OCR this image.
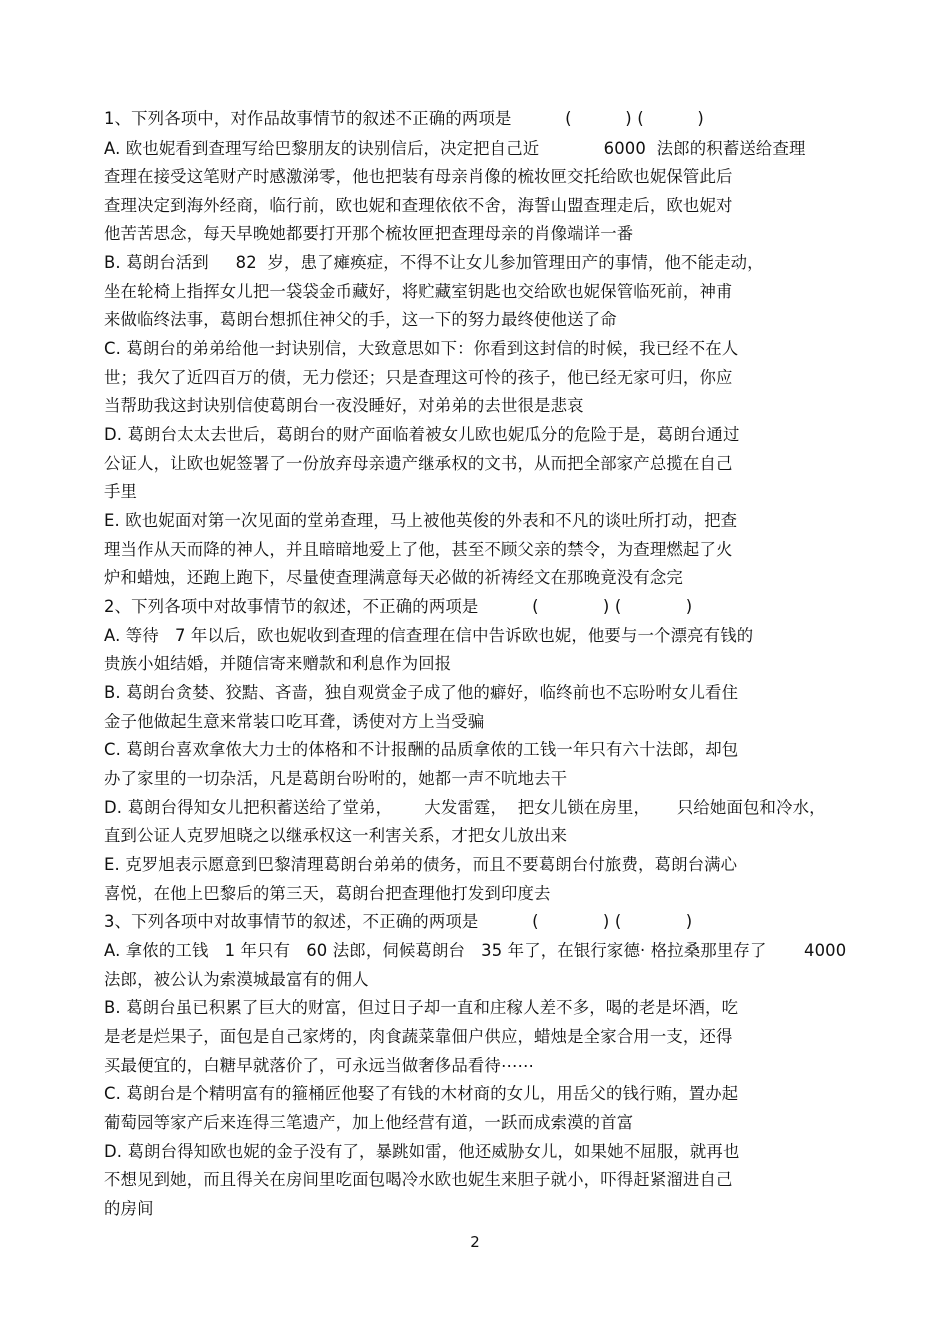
1、下列各项中，对作品故事情节的叙述不正确的两项是          (          ) (          )
A. 欧也妮看到查理写给巴黎朋友的诀别信后，决定把自己近            6000  法郎的积蓄送给查理
查理在接受这笔财产时感激涕零，他也把装有母亲肖像的梳妆匣交托给欧也妮保管此后
查理决定到海外经商，临行前，欧也妮和查理依依不舍，海誓山盟查理走后，欧也妮对
他苦苦思念，每天早晚她都要打开那个梳妆匣把查理母亲的肖像端详一番
B. 葛朗台活到     82  岁，患了瘫痪症，不得不让女儿参加管理田产的事情，他不能走动，
坐在轮椅上指挥女儿把一袋袋金币藏好，将贮藏室钥匙也交给欧也妮保管临死前，神甫
来做临终法事，葛朗台想抓住神父的手，这一下的努力最终使他送了命
C. 葛朗台的弟弟给他一封诀别信，大致意思如下：你看到这封信的时候，我已经不在人
世；我欠了近四百万的债，无力偿还；只是查理这可怜的孩子，他已经无家可归，你应
当帮助我这封诀别信使葛朗台一夜没睡好，对弟弟的去世很是悲哀
D. 葛朗台太太去世后，葛朗台的财产面临着被女儿欧也妮瓜分的危险于是，葛朗台通过
公证人，让欧也妮签署了一份放弃母亲遗产继承权的文书，从而把全部家产总揽在自己
手里
E. 欧也妮面对第一次见面的堂弟查理，马上被他英俊的外表和不凡的谈吐所打动，把查
理当作从天而降的神人，并且暗暗地爱上了他，甚至不顾父亲的禁令，为查理燃起了火
炉和蜡烛，还跑上跑下，尽量使查理满意每天必做的祈祷经文在那晚竟没有念完
2、下列各项中对故事情节的叙述，不正确的两项是          (            ) (            )
A. 等待   7 年以后，欧也妮收到查理的信查理在信中告诉欧也妮，他要与一个漂亮有钱的
贵族小姐结婚，并随信寄来赠款和利息作为回报
B. 葛朗台贪婪、狡黠、吝啬，独自观赏金子成了他的癖好，临终前也不忘吩咐女儿看住
金子他做起生意来常装口吃耳聋，诱使对方上当受骗
C. 葛朗台喜欢拿侬大力士的体格和不计报酬的品质拿侬的工钱一年只有六十法郎，却包
办了家里的一切杂活，凡是葛朗台吩咐的，她都一声不吭地去干
D. 葛朗台得知女儿把积蓄送给了堂弟，      大发雷霆，  把女儿锁在房里，     只给她面包和冷水，
直到公证人克罗旭晓之以继承权这一利害关系，才把女儿放出来
E. 克罗旭表示愿意到巴黎清理葛朗台弟弟的债务，而且不要葛朗台付旅费，葛朗台满心
喜悦，在他上巴黎后的第三天，葛朗台把查理他打发到印度去
3、下列各项中对故事情节的叙述，不正确的两项是          (            ) (            )
A. 拿侬的工钱   1 年只有   60 法郎，伺候葛朗台   35 年了，在银行家德· 格拉桑那里存了       4000
法郎，被公认为索漠城最富有的佣人
B. 葛朗台虽已积累了巨大的财富，但过日子却一直和庄稼人差不多，喝的老是坏酒，吃
是老是烂果子，面包是自己家烤的，肉食蔬菜靠佃户供应，蜡烛是全家合用一支，还得
买最便宜的，白糖早就落价了，可永远当做奢侈品看待⋯⋯
C. 葛朗台是个精明富有的箍桶匠他娶了有钱的木材商的女儿，用岳父的钱行贿，置办起
葡萄园等家产后来连得三笔遗产，加上他经营有道，一跃而成索漠的首富
D. 葛朗台得知欧也妮的金子没有了，暴跳如雷，他还威胁女儿，如果她不屈服，就再也
不想见到她，而且得关在房间里吃面包喝冷水欧也妮生来胆子就小，吓得赶紧溜进自己
的房间
2
